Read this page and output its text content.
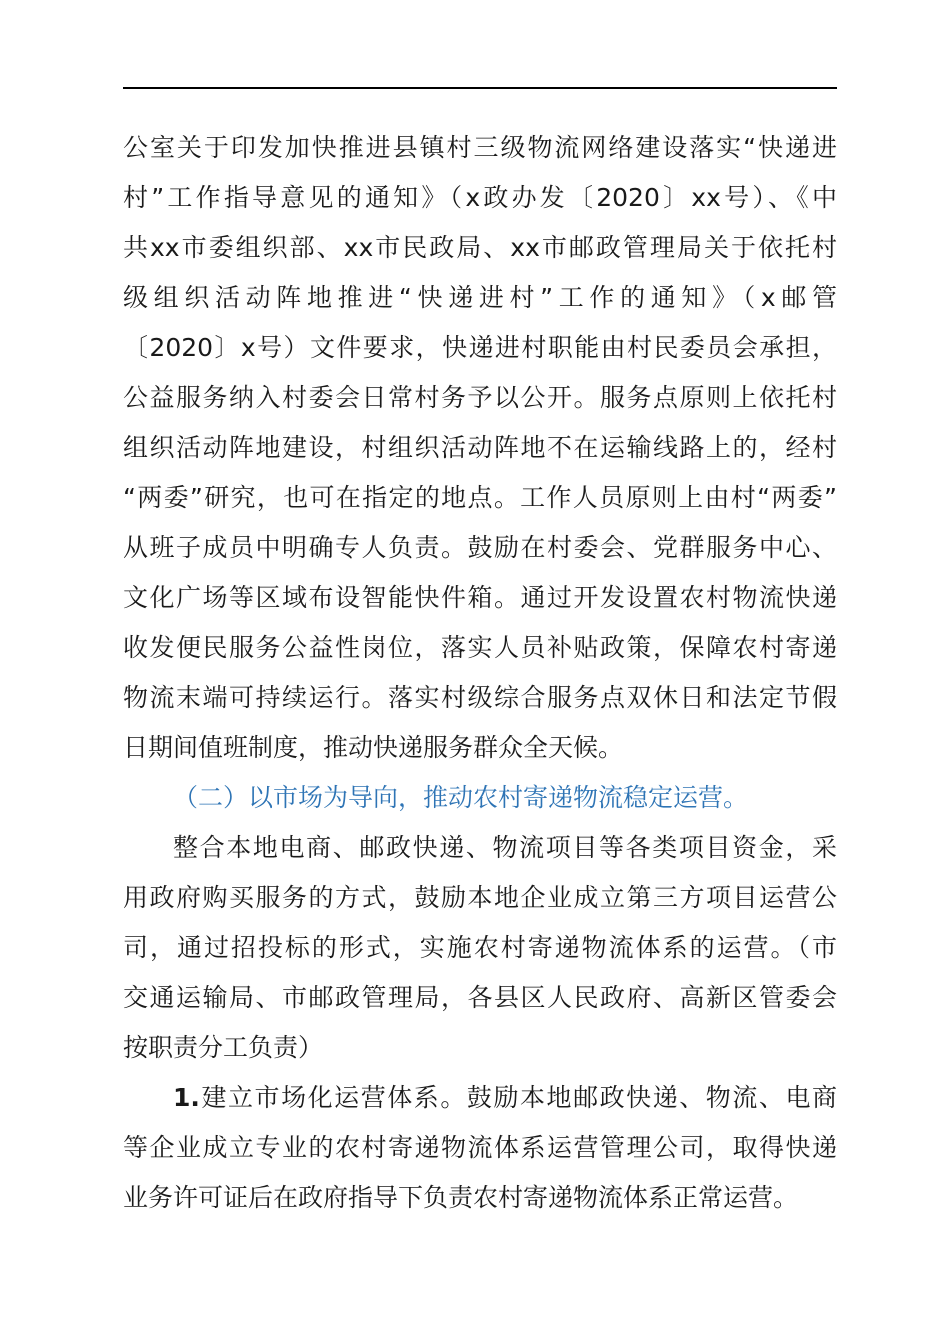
公室关于印发加快推进县镇村三级物流网络建设落实“快递进
村”工作指导意见的通知》（x政办发〔2020〕xx号）、《中
共xx市委组织部、xx市民政局、xx市邮政管理局关于依托村
级组织活动阵地推进“快递进村”工作的通知》（x邮管
〔2020〕x号）文件要求，快递进村职能由村民委员会承担，
公益服务纳入村委会日常村务予以公开。服务点原则上依托村
组织活动阵地建设，村组织活动阵地不在运输线路上的，经村
“两委”研究，也可在指定的地点。工作人员原则上由村“两委”
从班子成员中明确专人负责。鼓励在村委会、党群服务中心、
文化广场等区域布设智能快件箱。通过开发设置农村物流快递
收发便民服务公益性岗位，落实人员补贴政策，保障农村寄递
物流末端可持续运行。落实村级综合服务点双休日和法定节假
日期间值班制度，推动快递服务群众全天候。
（二）以市场为导向，推动农村寄递物流稳定运营。
整合本地电商、邮政快递、物流项目等各类项目资金，采
用政府购买服务的方式，鼓励本地企业成立第三方项目运营公
司，通过招投标的形式，实施农村寄递物流体系的运营。（市
交通运输局、市邮政管理局，各县区人民政府、高新区管委会
按职责分工负责）
1.建立市场化运营体系。鼓励本地邮政快递、物流、电商
等企业成立专业的农村寄递物流体系运营管理公司，取得快递
业务许可证后在政府指导下负责农村寄递物流体系正常运营。
